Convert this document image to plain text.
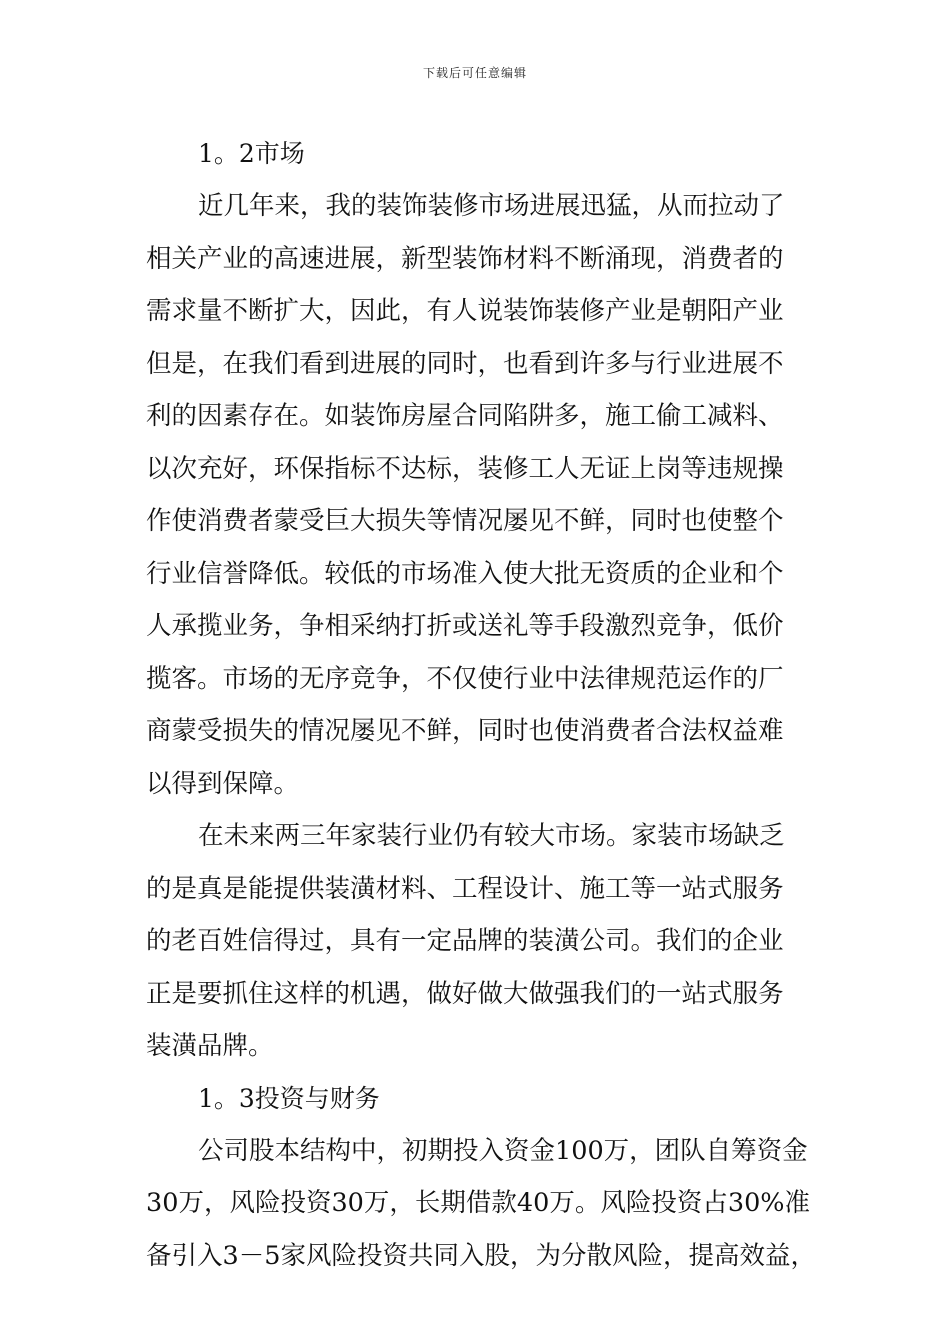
下载后可任意编辑
1。2市场
近几年来，我的装饰装修市场进展迅猛，从而拉动了
相关产业的高速进展，新型装饰材料不断涌现，消费者的
需求量不断扩大，因此，有人说装饰装修产业是朝阳产业
但是，在我们看到进展的同时，也看到许多与行业进展不
利的因素存在。如装饰房屋合同陷阱多，施工偷工减料、
以次充好，环保指标不达标，装修工人无证上岗等违规操
作使消费者蒙受巨大损失等情况屡见不鲜，同时也使整个
行业信誉降低。较低的市场准入使大批无资质的企业和个
人承揽业务，争相采纳打折或送礼等手段激烈竞争，低价
揽客。市场的无序竞争，不仅使行业中法律规范运作的厂
商蒙受损失的情况屡见不鲜，同时也使消费者合法权益难
以得到保障。
在未来两三年家装行业仍有较大市场。家装市场缺乏
的是真是能提供装潢材料、工程设计、施工等一站式服务
的老百姓信得过，具有一定品牌的装潢公司。我们的企业
正是要抓住这样的机遇，做好做大做强我们的一站式服务
装潢品牌。
1。3投资与财务
公司股本结构中，初期投入资金100万，团队自筹资金
30万，风险投资30万，长期借款40万。风险投资占30%准
备引入3－5家风险投资共同入股，为分散风险，提高效益，
